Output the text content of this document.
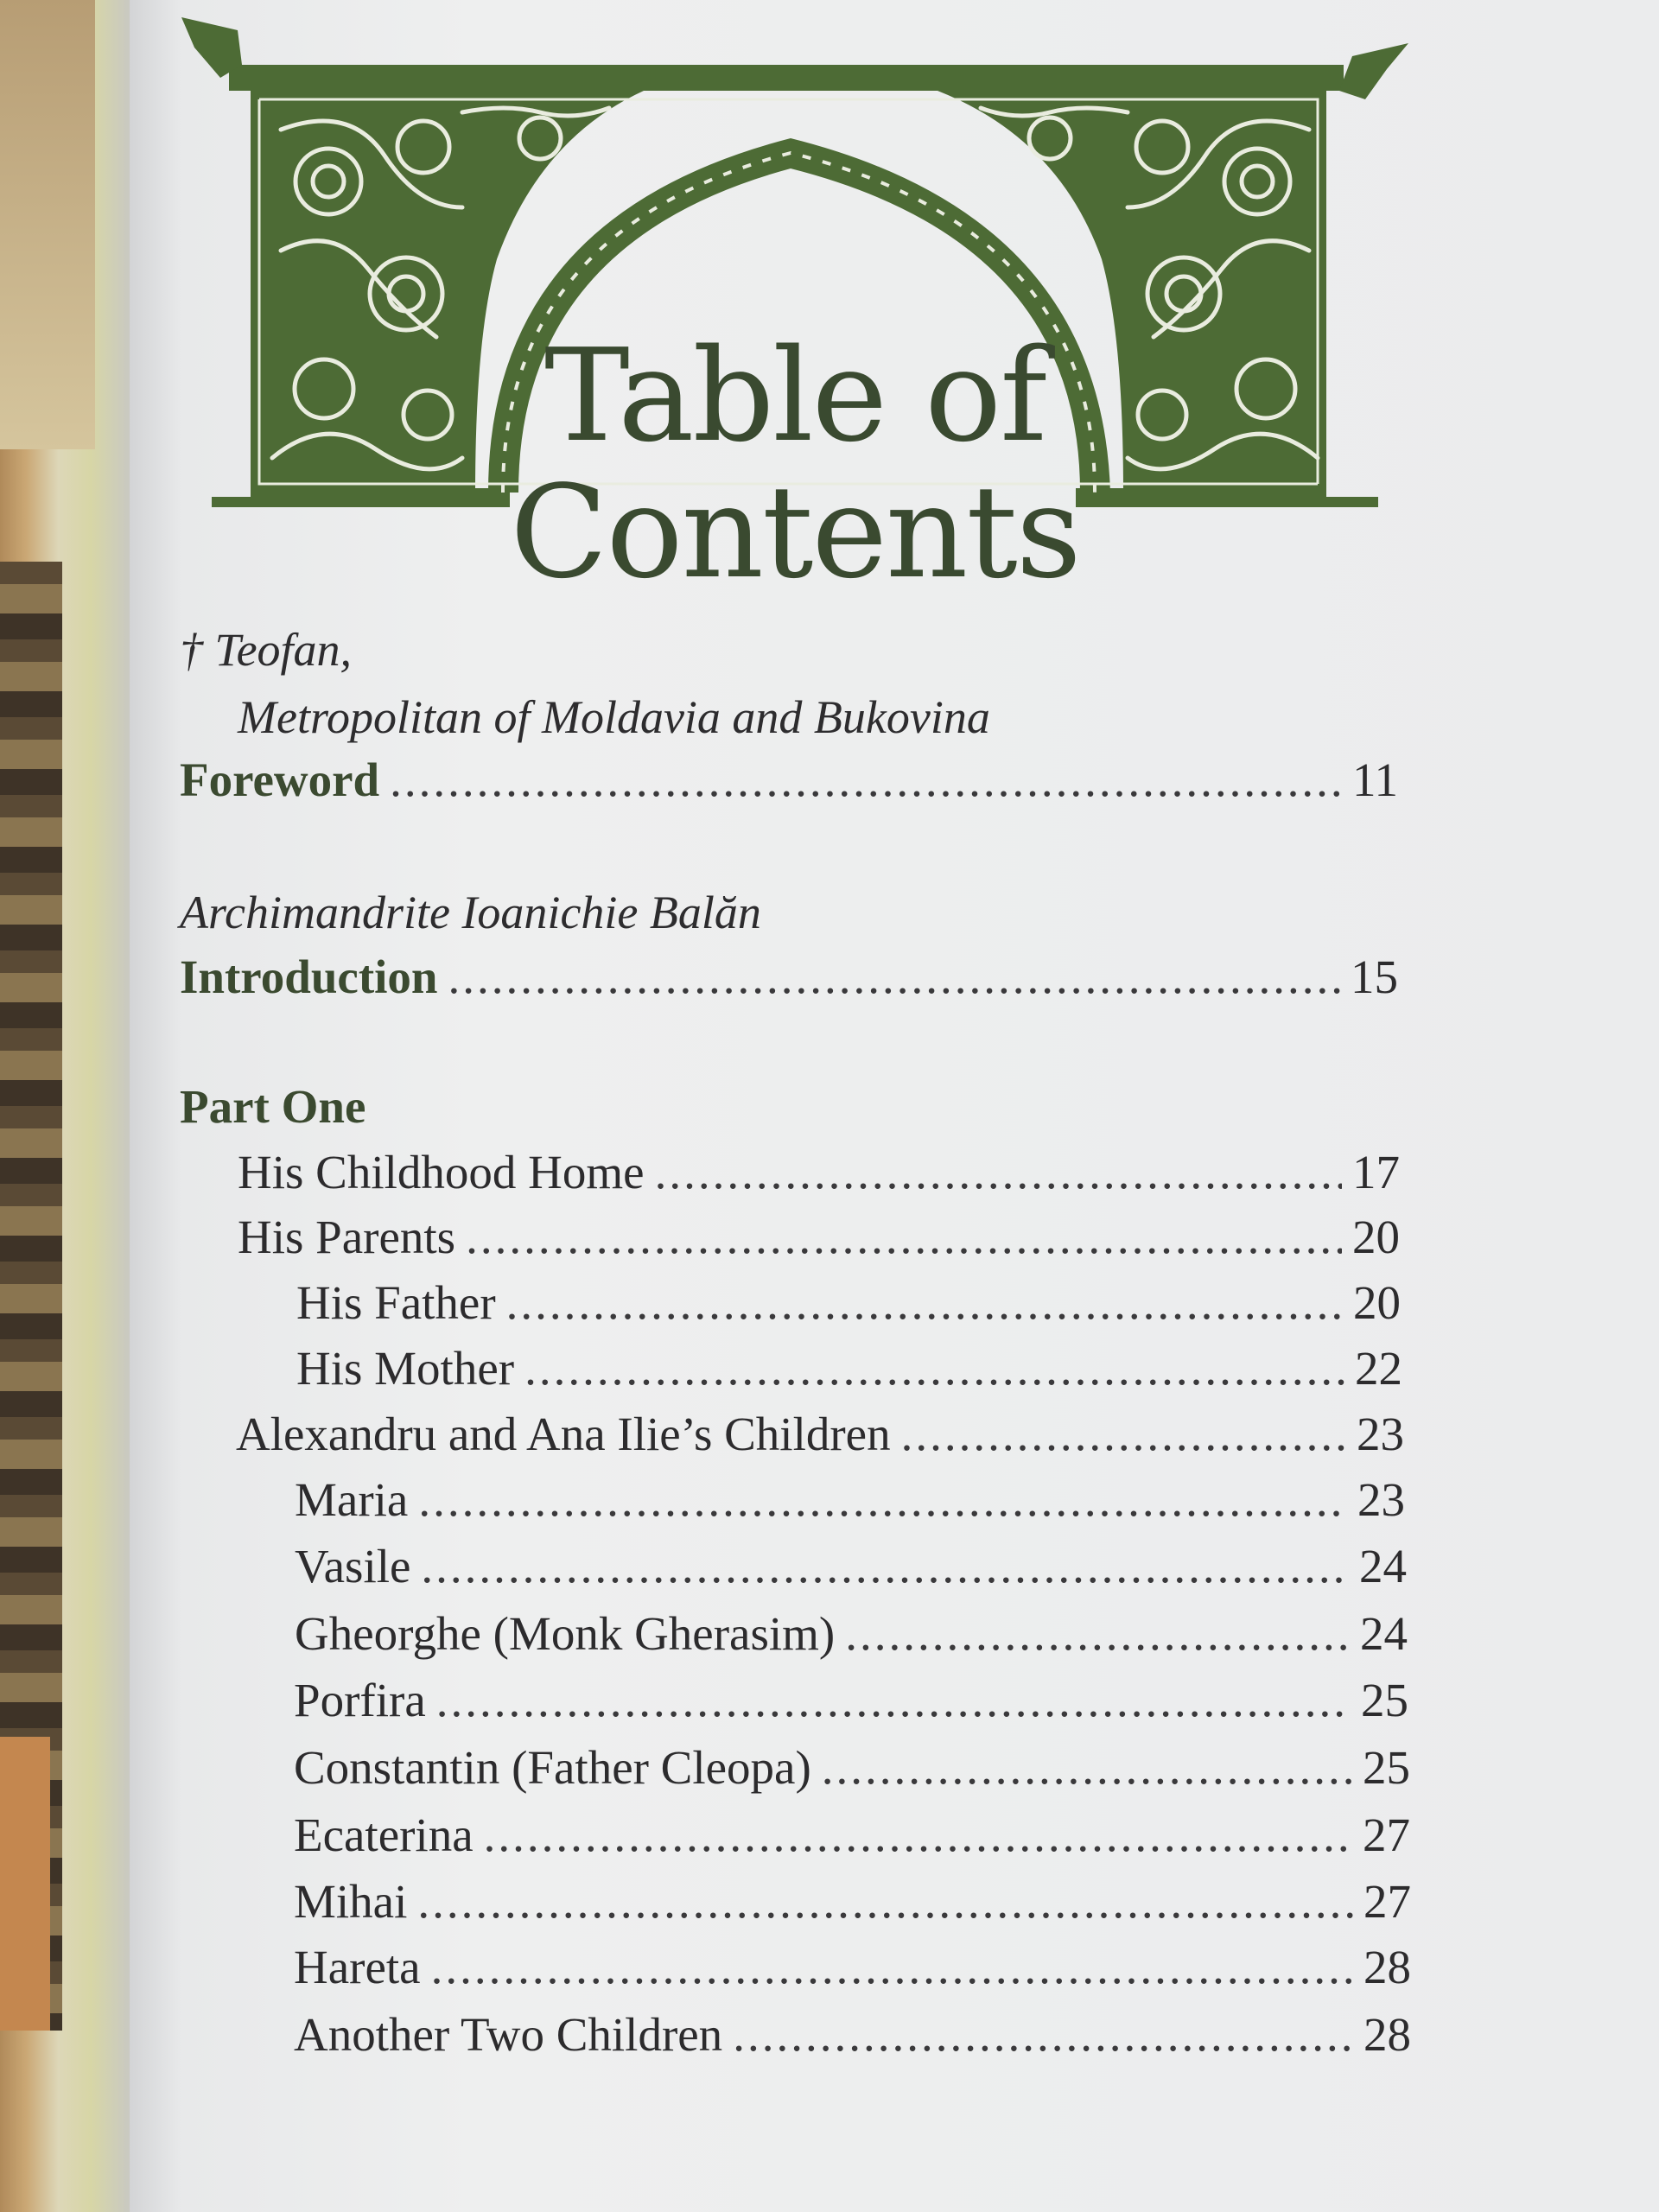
Table of
Contents
† Teofan,
Metropolitan of Moldavia and Bukovina
Foreword .....	11
Archimandrite Ioanichie Balăn
Introduction .....	15
Part One
His Childhood Home .....	17
His Parents .....	20
His Father .....	20
His Mother .....	22
Alexandru and Ana Ilie’s Children .....	23
Maria .....	23
Vasile .....	24
Gheorghe (Monk Gherasim) .....	24
Porfira .....	25
Constantin (Father Cleopa) .....	25
Ecaterina .....	27
Mihai .....	27
Hareta .....	28
Another Two Children .....	28
